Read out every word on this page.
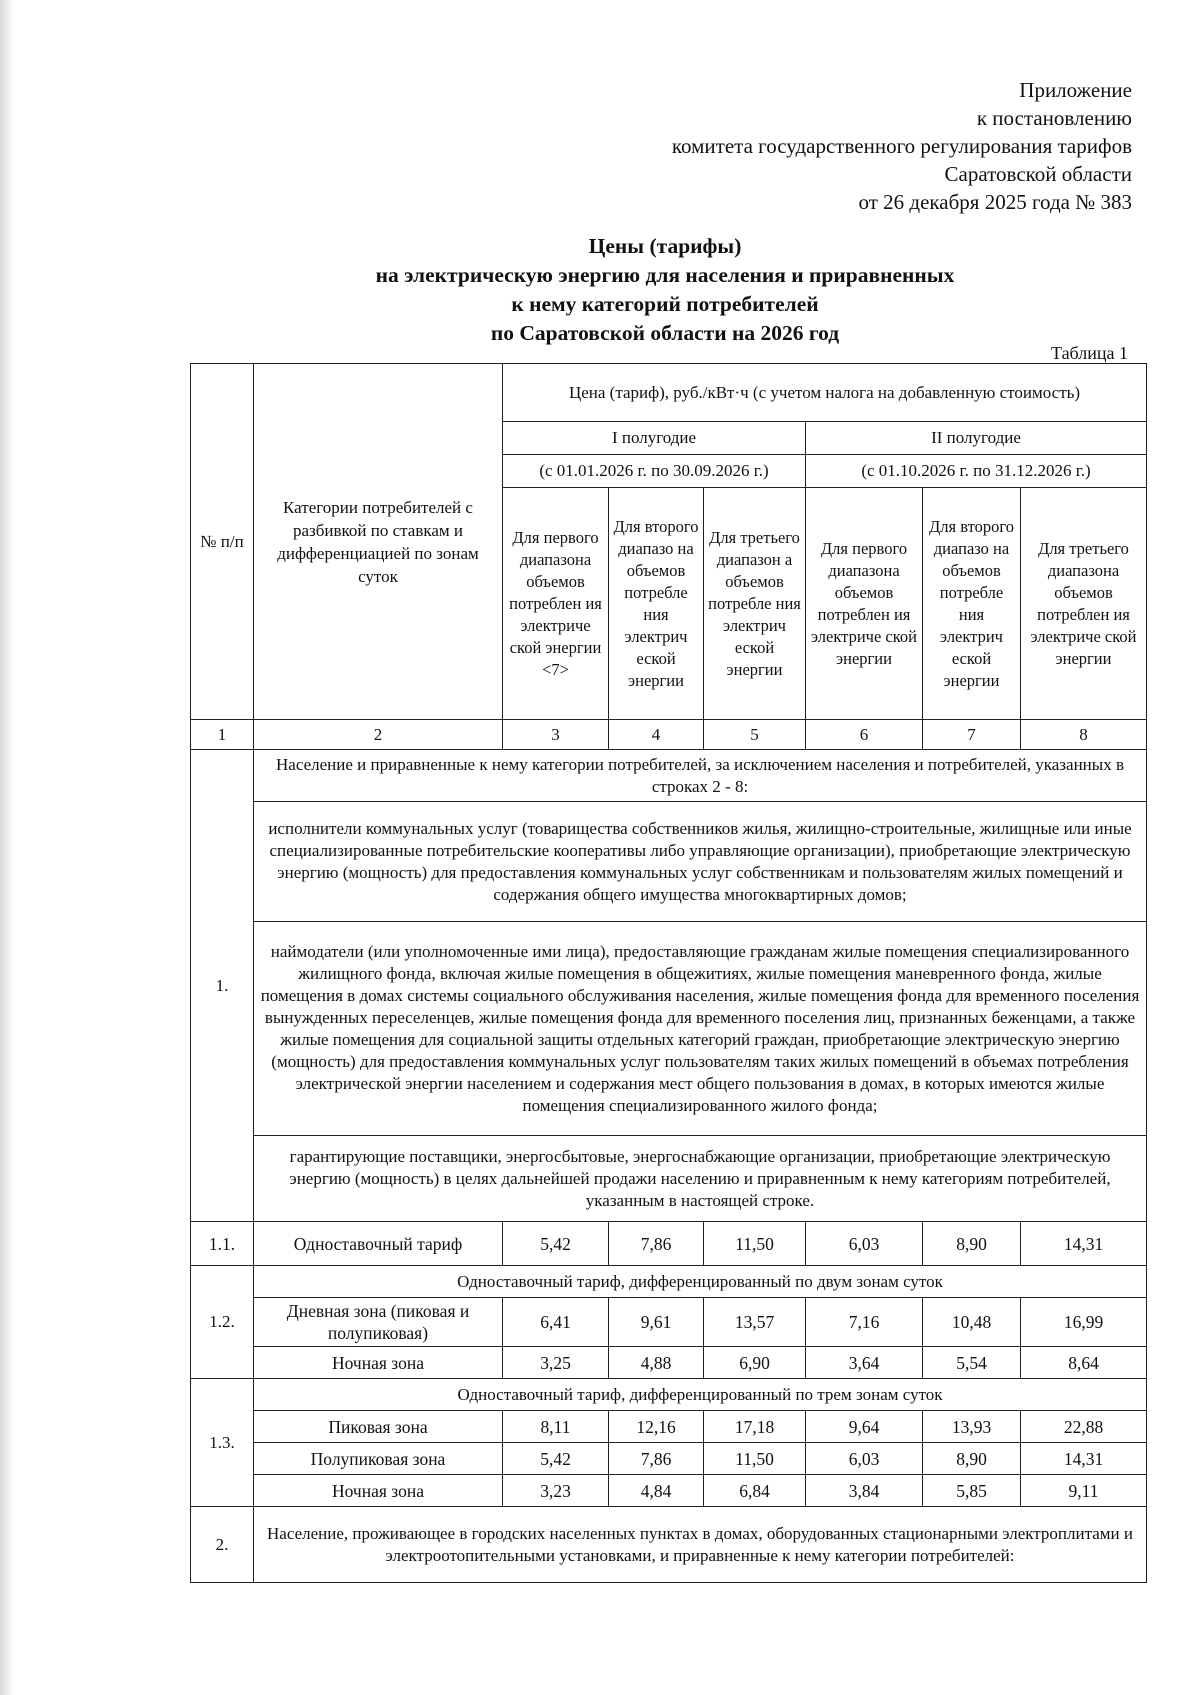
Приложение
к постановлению
комитета государственного регулирования тарифов
Саратовской области
от 26 декабря 2025 года № 383
Цены (тарифы)
на электрическую энергию для населения и приравненных
к нему категорий потребителей
по Саратовской области на 2026 год
Таблица 1
№ п/п	Категории потребителей с разбивкой по ставкам и дифференциацией по зонам суток	Цена (тариф), руб./кВт·ч (с учетом налога на добавленную стоимость)					
		I полугодие			II полугодие		
		(с 01.01.2026 г. по 30.09.2026 г.)			(с 01.10.2026 г. по 31.12.2026 г.)		
		Для первого диапазона объемов потреблен ия электриче ской энергии <7>	Для второго диапазо на объемов потребле ния электрич еской энергии	Для третьего диапазон а объемов потребле ния электрич еской энергии	Для первого диапазона объемов потреблен ия электриче ской энергии	Для второго диапазо на объемов потребле ния электрич еской энергии	Для третьего диапазона объемов потреблен ия электриче ской энергии
1	2	3	4	5	6	7	8
1.	Население и приравненные к нему категории потребителей, за исключением населения и потребителей, указанных в строках 2 - 8:						
	исполнители коммунальных услуг (товарищества собственников жилья, жилищно-строительные, жилищные или иные специализированные потребительские кооперативы либо управляющие организации), приобретающие электрическую энергию (мощность) для предоставления коммунальных услуг собственникам и пользователям жилых помещений и содержания общего имущества многоквартирных домов;						
	наймодатели (или уполномоченные ими лица), предоставляющие гражданам жилые помещения специализированного жилищного фонда, включая жилые помещения в общежитиях, жилые помещения маневренного фонда, жилые помещения в домах системы социального обслуживания населения, жилые помещения фонда для временного поселения вынужденных переселенцев, жилые помещения фонда для временного поселения лиц, признанных беженцами, а также жилые помещения для социальной защиты отдельных категорий граждан, приобретающие электрическую энергию (мощность) для предоставления коммунальных услуг пользователям таких жилых помещений в объемах потребления электрической энергии населением и содержания мест общего пользования в домах, в которых имеются жилые помещения специализированного жилого фонда;						
	гарантирующие поставщики, энергосбытовые, энергоснабжающие организации, приобретающие электрическую энергию (мощность) в целях дальнейшей продажи населению и приравненным к нему категориям потребителей, указанным в настоящей строке.						
1.1.	Одноставочный тариф	5,42	7,86	11,50	6,03	8,90	14,31
1.2.	Одноставочный тариф, дифференцированный по двум зонам суток						
	Дневная зона (пиковая и полупиковая)	6,41	9,61	13,57	7,16	10,48	16,99
	Ночная зона	3,25	4,88	6,90	3,64	5,54	8,64
1.3.	Одноставочный тариф, дифференцированный по трем зонам суток						
	Пиковая зона	8,11	12,16	17,18	9,64	13,93	22,88
	Полупиковая зона	5,42	7,86	11,50	6,03	8,90	14,31
	Ночная зона	3,23	4,84	6,84	3,84	5,85	9,11
2.	Население, проживающее в городских населенных пунктах в домах, оборудованных стационарными электроплитами и электроотопительными установками, и приравненные к нему категории потребителей:						
